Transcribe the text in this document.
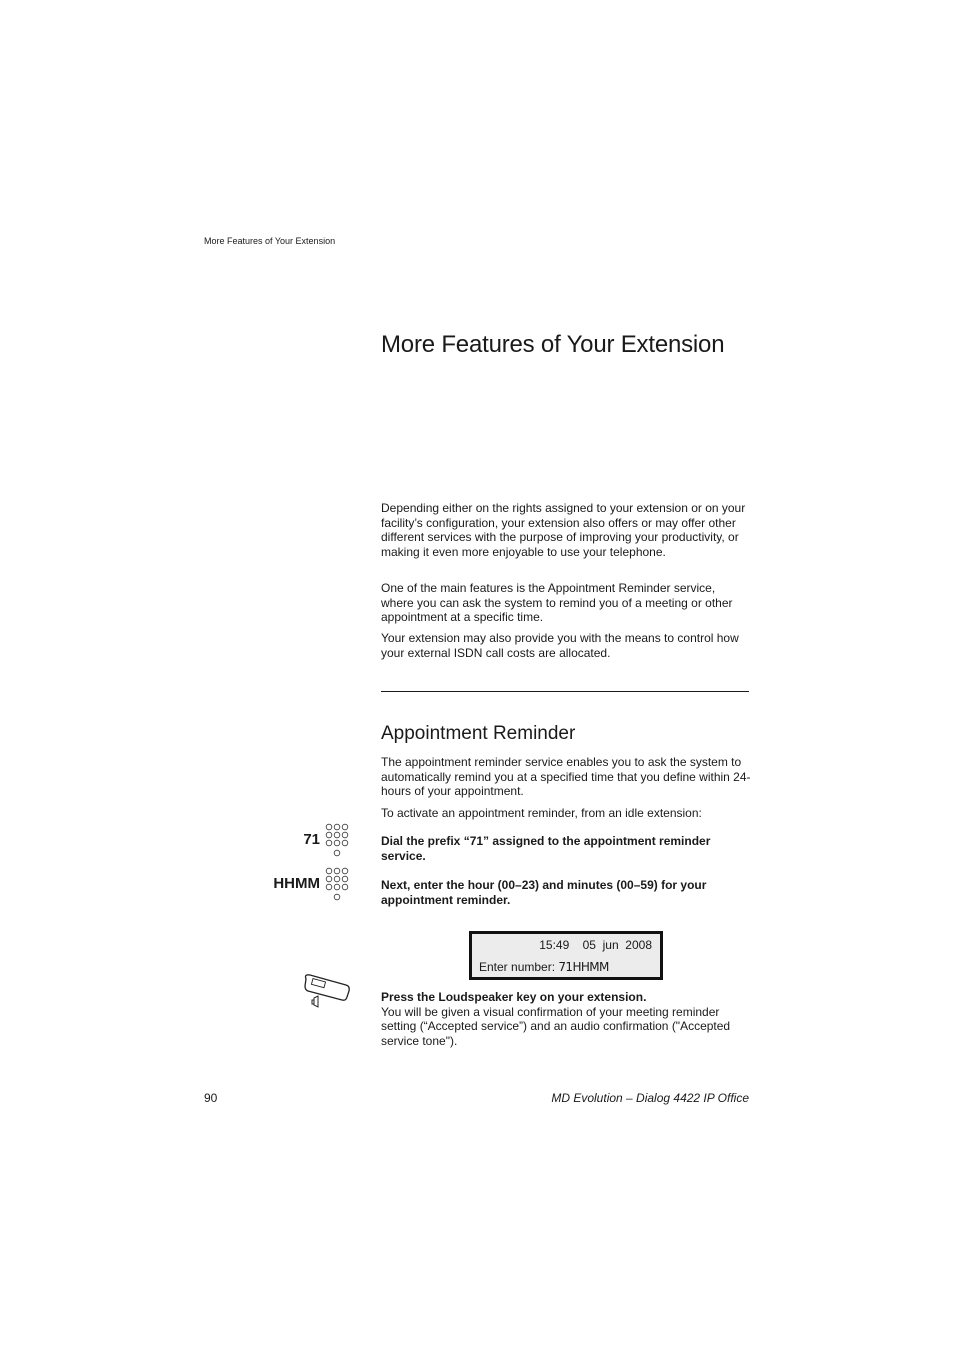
More Features of Your Extension
More Features of Your Extension

Depending either on the rights assigned to your extension or on your facility’s configuration, your extension also offers or may offer other different services with the purpose of improving your productivity, or making it even more enjoyable to use your telephone.

One of the main features is the Appointment Reminder service, where you can ask the system to remind you of a meeting or other appointment at a specific time.

Your extension may also provide you with the means to control how your external ISDN call costs are allocated.

Appointment Reminder

The appointment reminder service enables you to ask the system to automatically remind you at a specified time that you define within 24-hours of your appointment.

To activate an appointment reminder, from an idle extension:

71	Dial the prefix “71” assigned to the appointment reminder service.
HHMM	Next, enter the hour (00–23) and minutes (00–59) for your appointment reminder.
15:49 05  jun  2008
Enter number: 71HHMM

Press the Loudspeaker key on your extension.

You will be given a visual confirmation of your meeting reminder setting (“Accepted service”) and an audio confirmation ("Accepted service tone").

90	MD Evolution – Dialog 4422 IP Office
